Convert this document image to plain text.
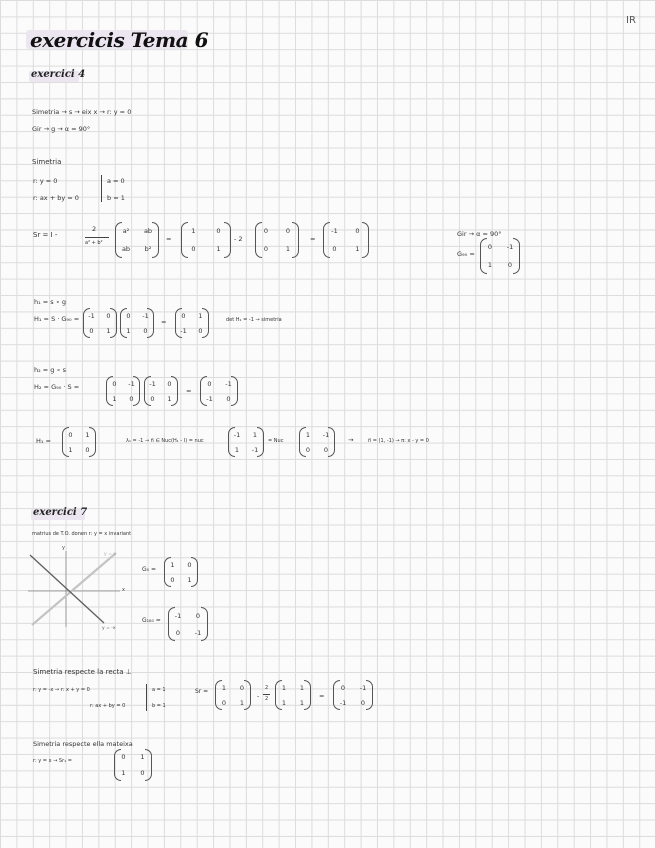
IR
exercicis Tema 6
exercici 4
Simetria → s → eix x → r: y = 0
Gir → g → α = 90°
Simetria
r: y = 0
r: ax + by = 0
a = 0
b = 1
Sr = I -
2
a² + b²
a² ab
ab b²
=
1	0
0	1
- 2
0	0
0	1
=
-1	0
0	1
Gir → α = 90°
G₉₀ =
0 -1
1 0
h₁ = s ∘ g
H₁ = S · G₉₀ = -1 0
0 1
0 -1
1 0
=
0 1
-1 0
det H₁ = -1 → simetria
h₂ = g ∘ s
H₂ = G₉₀ · S =	0 -1
1 0
-1 0
0 1
=
0 -1
-1 0
H₁ =
0 1
1 0
λ₁ = -1 → n⃗ ∈ Nuc(H₁ - I) = nuc
-1 1
1 -1
= Nuc
1 -1
0 0
→	n⃗ = (1, -1) → π: x - y = 0
exercici 7
matrius de T.O. donen r: y = x invariant
y
x
y = x
y = -x
G₀ =
1 0
0 1
G₁₈₀ =
-1 0
0 -1
Simetria respecte la recta ⊥
r: y = -x → r: x + y = 0
r: ax + by = 0
a = 1
b = 1
Sr = 1 0
0 1
-
2
2
1 1
1 1
=
0 -1
-1 0
Simetria respecte ella mateixa
r: y = x → Sr₁ =	0 1
1 0
